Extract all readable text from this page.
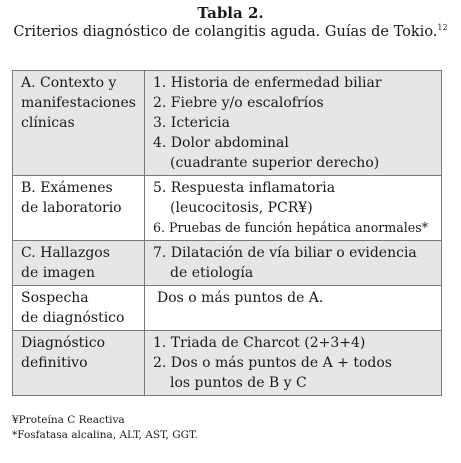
Tabla 2.
Criterios diagnóstico de colangitis aguda. Guías de Tokio.$^{12}$
A. Contexto y
manifestaciones
clínicas	1. Historia de enfermedad biliar
2. Fiebre y/o escalofríos
3. Ictericia
4. Dolor abdominal
(cuadrante superior derecho)

B. Exámenes
de laboratorio	5. Respuesta inflamatoria
(leucocitosis, PCR¥)
6. Pruebas de función hepática anormales*

C. Hallazgos
de imagen	7. Dilatación de vía biliar o evidencia
de etiología

Sospecha
de diagnóstico	Dos o más puntos de A.

Diagnóstico
definitivo	1. Triada de Charcot (2+3+4)
2. Dos o más puntos de A + todos
los puntos de B y C
¥Proteína C Reactiva
*Fosfatasa alcalina, ALT, AST, GGT.
